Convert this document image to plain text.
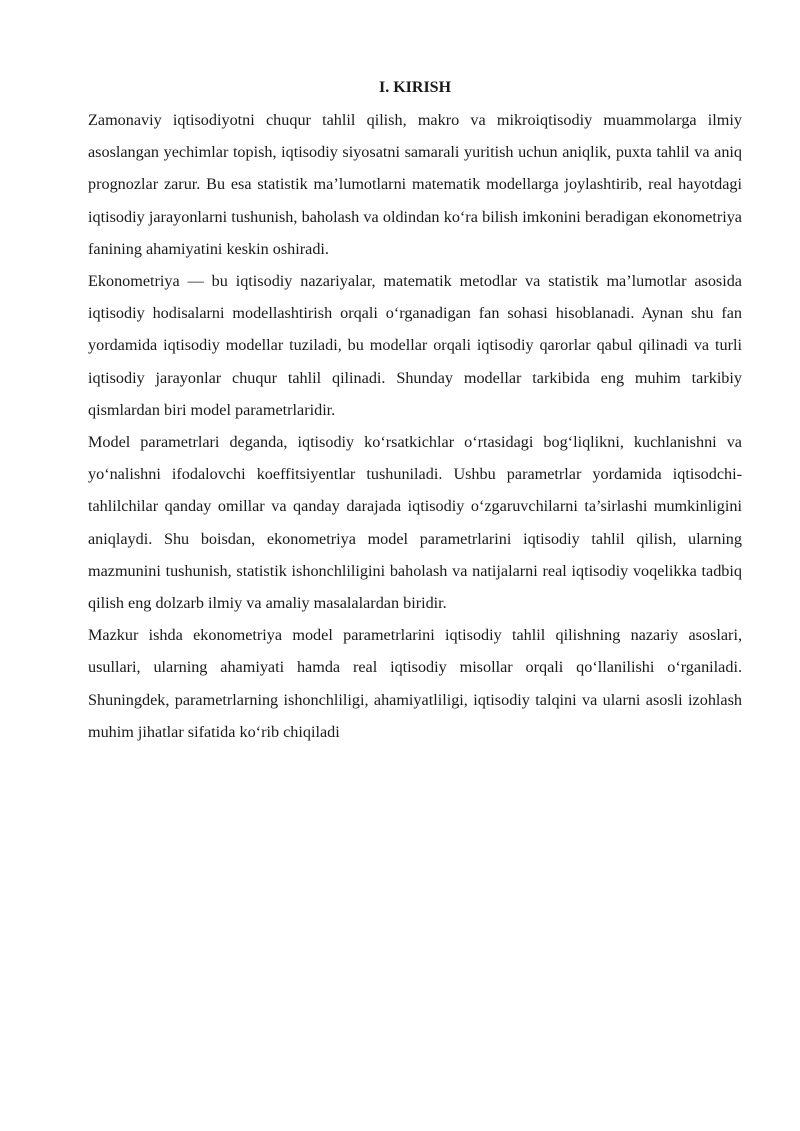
I. KIRISH

Zamonaviy iqtisodiyotni chuqur tahlil qilish, makro va mikroiqtisodiy muammolarga ilmiy asoslangan yechimlar topish, iqtisodiy siyosatni samarali yuritish uchun aniqlik, puxta tahlil va aniq prognozlar zarur. Bu esa statistik ma’lumotlarni matematik modellarga joylashtirib, real hayotdagi iqtisodiy jarayonlarni tushunish, baholash va oldindan ko‘ra bilish imkonini beradigan ekonometriya fanining ahamiyatini keskin oshiradi.

Ekonometriya — bu iqtisodiy nazariyalar, matematik metodlar va statistik ma’lumotlar asosida iqtisodiy hodisalarni modellashtirish orqali o‘rganadigan fan sohasi hisoblanadi. Aynan shu fan yordamida iqtisodiy modellar tuziladi, bu modellar orqali iqtisodiy qarorlar qabul qilinadi va turli iqtisodiy jarayonlar chuqur tahlil qilinadi. Shunday modellar tarkibida eng muhim tarkibiy qismlardan biri model parametrlaridir.

Model parametrlari deganda, iqtisodiy ko‘rsatkichlar o‘rtasidagi bog‘liqlikni, kuchlanishni va yo‘nalishni ifodalovchi koeffitsiyentlar tushuniladi. Ushbu parametrlar yordamida iqtisodchi-tahlilchilar qanday omillar va qanday darajada iqtisodiy o‘zgaruvchilarni ta’sirlashi mumkinligini aniqlaydi. Shu boisdan, ekonometriya model parametrlarini iqtisodiy tahlil qilish, ularning mazmunini tushunish, statistik ishonchliligini baholash va natijalarni real iqtisodiy voqelikka tadbiq qilish eng dolzarb ilmiy va amaliy masalalardan biridir.

Mazkur ishda ekonometriya model parametrlarini iqtisodiy tahlil qilishning nazariy asoslari, usullari, ularning ahamiyati hamda real iqtisodiy misollar orqali qo‘llanilishi o‘rganiladi. Shuningdek, parametrlarning ishonchliligi, ahamiyatliligi, iqtisodiy talqini va ularni asosli izohlash muhim jihatlar sifatida ko‘rib chiqiladi
